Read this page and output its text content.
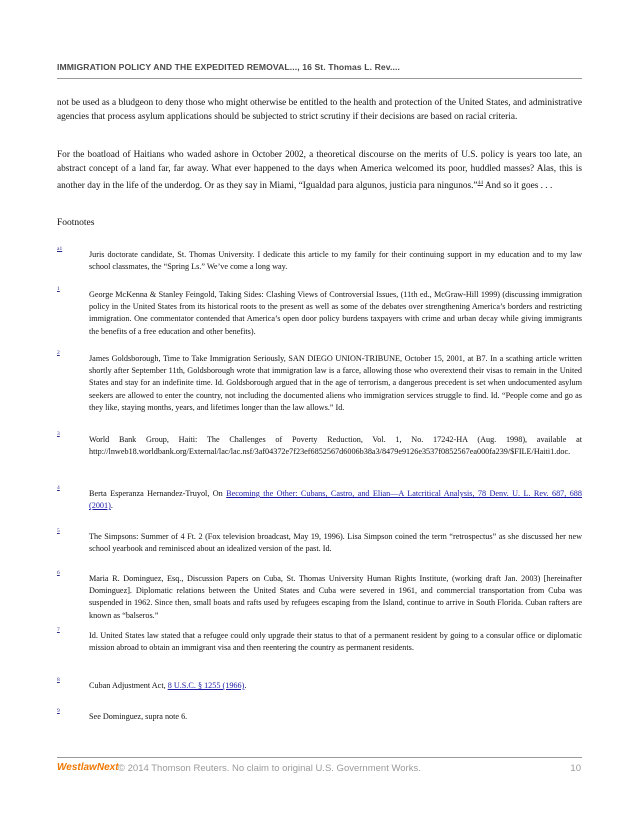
IMMIGRATION POLICY AND THE EXPEDITED REMOVAL..., 16 St. Thomas L. Rev....

not be used as a bludgeon to deny those who might otherwise be entitled to the health and protection of the United States, and administrative agencies that process asylum applications should be subjected to strict scrutiny if their decisions are based on racial criteria.

For the boatload of Haitians who waded ashore in October 2002, a theoretical discourse on the merits of U.S. policy is years too late, an abstract concept of a land far, far away. What ever happened to the days when America welcomed its poor, huddled masses? Alas, this is another day in the life of the underdog. Or as they say in Miami, “Igualdad para algunos, justicia para ningunos.”$^{44}$ And so it goes . . .

Footnotes

a1

Juris doctorate candidate, St. Thomas University. I dedicate this article to my family for their continuing support in my education and to my law school classmates, the “Spring Ls.” We’ve come a long way.

1

George McKenna & Stanley Feingold, Taking Sides: Clashing Views of Controversial Issues, (11th ed., McGraw-Hill 1999) (discussing immigration policy in the United States from its historical roots to the present as well as some of the debates over strengthening America’s borders and restricting immigration. One commentator contended that America’s open door policy burdens taxpayers with crime and urban decay while giving immigrants the benefits of a free education and other benefits).

2

James Goldsborough, Time to Take Immigration Seriously, SAN DIEGO UNION-TRIBUNE, October 15, 2001, at B7. In a scathing article written shortly after September 11th, Goldsborough wrote that immigration law is a farce, allowing those who overextend their visas to remain in the United States and stay for an indefinite time. Id. Goldsborough argued that in the age of terrorism, a dangerous precedent is set when undocumented asylum seekers are allowed to enter the country, not including the documented aliens who immigration services struggle to find. Id. “People come and go as they like, staying months, years, and lifetimes longer than the law allows.” Id.

3

World Bank Group, Haiti: The Challenges of Poverty Reduction, Vol. 1, No. 17242-HA (Aug. 1998), available at http://lnweb18.worldbank.org/External/lac/lac.nsf/3af04372e7f23ef6852567d6006b38a3/8479e9126e3537f0852567ea000fa239/$FILE/Haiti1.doc.

4

Berta Esperanza Hernandez-Truyol, On Becoming the Other: Cubans, Castro, and Elian—A Latcritical Analysis, 78 Denv. U. L. Rev. 687, 688 (2001).

5

The Simpsons: Summer of 4 Ft. 2 (Fox television broadcast, May 19, 1996). Lisa Simpson coined the term “retrospectus” as she discussed her new school yearbook and reminisced about an idealized version of the past. Id.

6

Maria R. Dominguez, Esq., Discussion Papers on Cuba, St. Thomas University Human Rights Institute, (working draft Jan. 2003) [hereinafter Dominguez]. Diplomatic relations between the United States and Cuba were severed in 1961, and commercial transportation from Cuba was suspended in 1962. Since then, small boats and rafts used by refugees escaping from the Island, continue to arrive in South Florida. Cuban rafters are known as “balseros.”

7

Id. United States law stated that a refugee could only upgrade their status to that of a permanent resident by going to a consular office or diplomatic mission abroad to obtain an immigrant visa and then reentering the country as permanent residents.

8

Cuban Adjustment Act, 8 U.S.C. § 1255 (1966).

9

See Dominguez, supra note 6.

WestlawNext © 2014 Thomson Reuters. No claim to original U.S. Government Works.	10
